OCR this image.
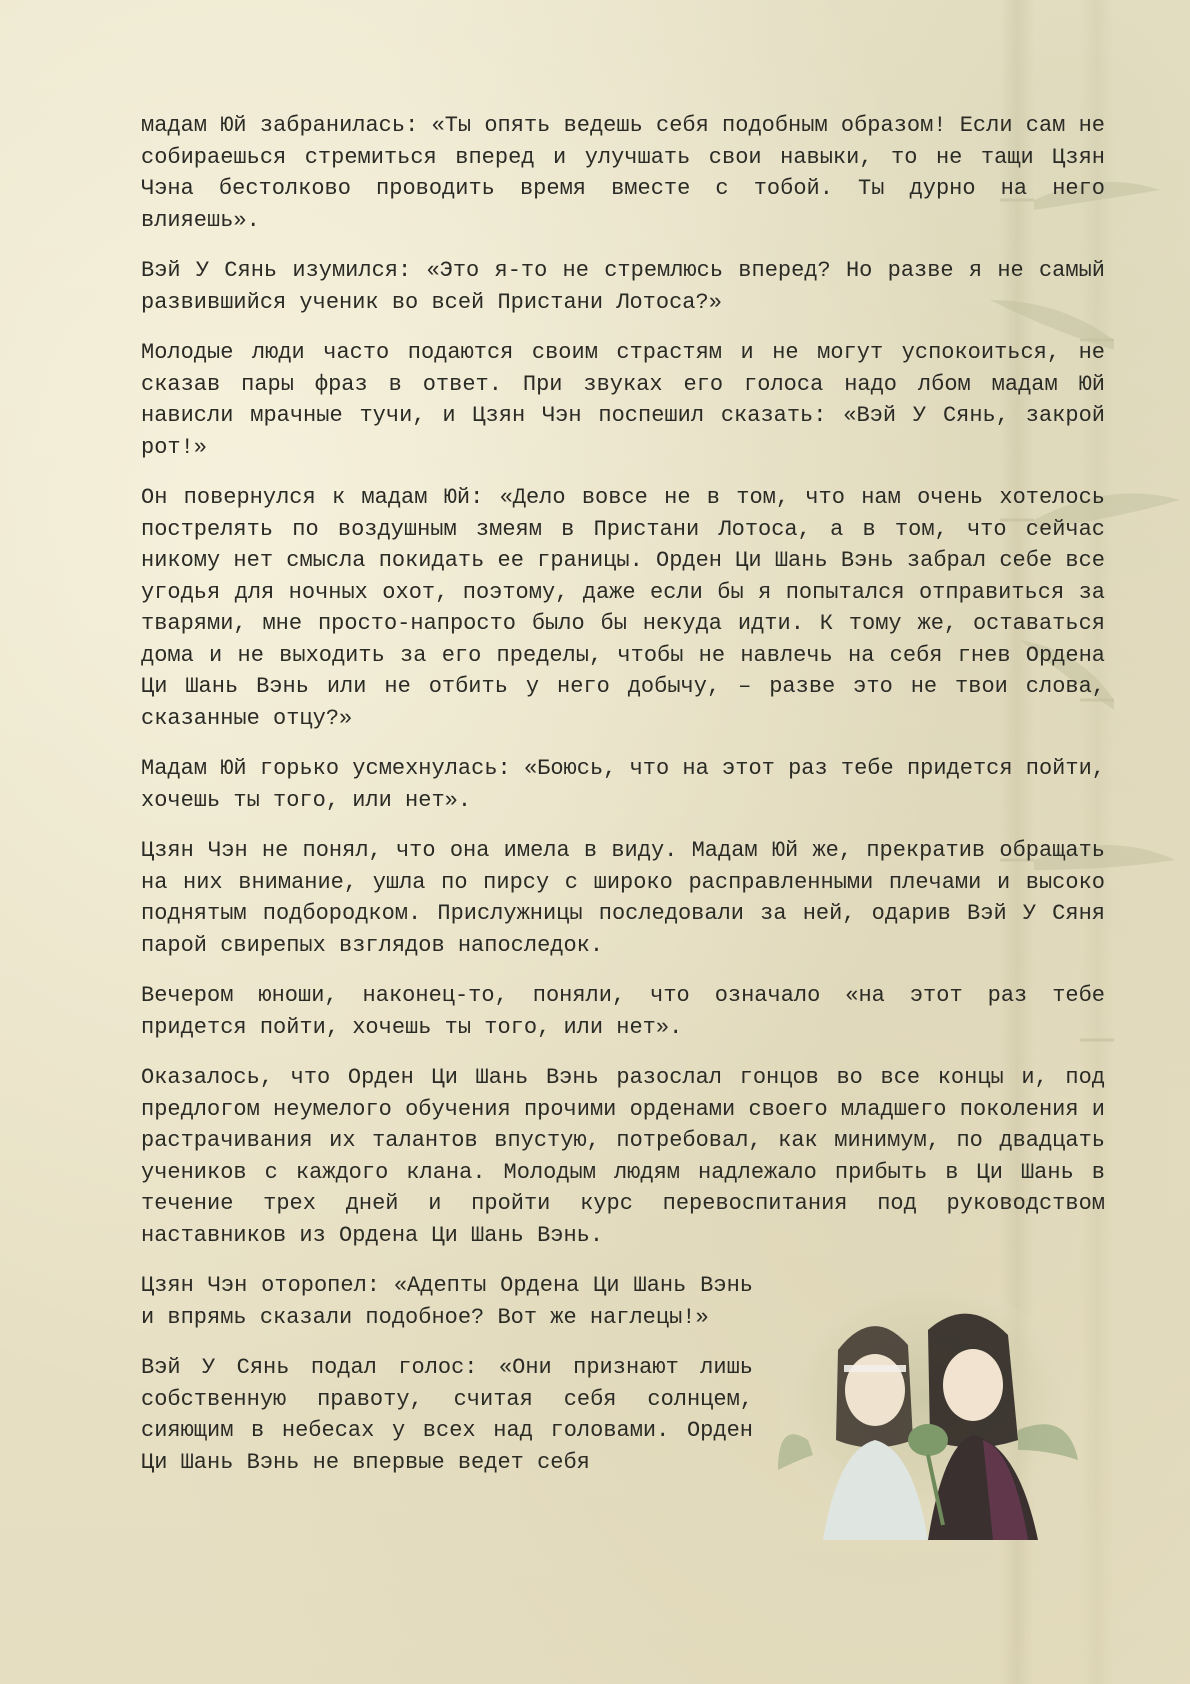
мадам Юй забранилась: «Ты опять ведешь себя подобным образом! Если сам не собираешься стремиться вперед и улучшать свои навыки, то не тащи Цзян Чэна бестолково проводить время вместе с тобой. Ты дурно на него влияешь».

Вэй У Сянь изумился: «Это я-то не стремлюсь вперед? Но разве я не самый развившийся ученик во всей Пристани Лотоса?»

Молодые люди часто подаются своим страстям и не могут успокоиться, не сказав пары фраз в ответ. При звуках его голоса надо лбом мадам Юй нависли мрачные тучи, и Цзян Чэн поспешил сказать: «Вэй У Сянь, закрой рот!»

Он повернулся к мадам Юй: «Дело вовсе не в том, что нам очень хотелось пострелять по воздушным змеям в Пристани Лотоса, а в том, что сейчас никому нет смысла покидать ее границы. Орден Ци Шань Вэнь забрал себе все угодья для ночных охот, поэтому, даже если бы я попытался отправиться за тварями, мне просто-напросто было бы некуда идти. К тому же, оставаться дома и не выходить за его пределы, чтобы не навлечь на себя гнев Ордена Ци Шань Вэнь или не отбить у него добычу, – разве это не твои слова, сказанные отцу?»

Мадам Юй горько усмехнулась: «Боюсь, что на этот раз тебе придется пойти, хочешь ты того, или нет».

Цзян Чэн не понял, что она имела в виду. Мадам Юй же, прекратив обращать на них внимание, ушла по пирсу с широко расправленными плечами и высоко поднятым подбородком. Прислужницы последовали за ней, одарив Вэй У Сяня парой свирепых взглядов напоследок.

Вечером юноши, наконец-то, поняли, что означало «на этот раз тебе придется пойти, хочешь ты того, или нет».

Оказалось, что Орден Ци Шань Вэнь разослал гонцов во все концы и, под предлогом неумелого обучения прочими орденами своего младшего поколения и растрачивания их талантов впустую, потребовал, как минимум, по двадцать учеников с каждого клана. Молодым людям надлежало прибыть в Ци Шань в течение трех дней и пройти курс перевоспитания под руководством наставников из Ордена Ци Шань Вэнь.

Цзян Чэн оторопел: «Адепты Ордена Ци Шань Вэнь и впрямь сказали подобное? Вот же наглецы!»

Вэй У Сянь подал голос: «Они признают лишь собственную правоту, считая себя солнцем, сияющим в небесах у всех над головами. Орден Ци Шань Вэнь не впервые ведет себя
